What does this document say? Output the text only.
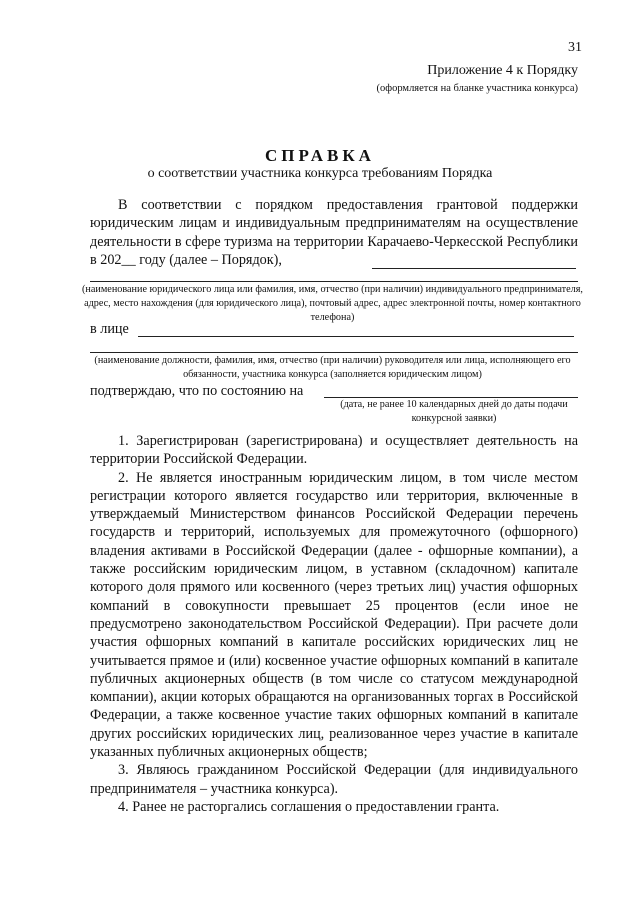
31
Приложение 4 к Порядку
(оформляется на бланке участника конкурса)
СПРАВКА
о соответствии участника конкурса требованиям Порядка
В соответствии с порядком предоставления грантовой поддержки юридическим лицам и индивидуальным предпринимателям на осуществление деятельности в сфере туризма на территории Карачаево-Черкесской Республики в 202__ году (далее – Порядок),
(наименование юридического лица или фамилия, имя, отчество (при наличии) индивидуального предпринимателя, адрес, место нахождения (для юридического лица), почтовый адрес, адрес электронной почты, номер контактного телефона)
в лице
(наименование должности, фамилия, имя, отчество (при наличии) руководителя или лица, исполняющего его обязанности, участника конкурса (заполняется юридическим лицом)
подтверждаю, что по состоянию на
(дата, не ранее 10 календарных дней до даты подачи конкурсной заявки)

1. Зарегистрирован (зарегистрирована) и осуществляет деятельность на территории Российской Федерации.

2. Не является иностранным юридическим лицом, в том числе местом регистрации которого является государство или территория, включенные в утверждаемый Министерством финансов Российской Федерации перечень государств и территорий, используемых для промежуточного (офшорного) владения активами в Российской Федерации (далее - офшорные компании), а также российским юридическим лицом, в уставном (складочном) капитале которого доля прямого или косвенного (через третьих лиц) участия офшорных компаний в совокупности превышает 25 процентов (если иное не предусмотрено законодательством Российской Федерации). При расчете доли участия офшорных компаний в капитале российских юридических лиц не учитывается прямое и (или) косвенное участие офшорных компаний в капитале публичных акционерных обществ (в том числе со статусом международной компании), акции которых обращаются на организованных торгах в Российской Федерации, а также косвенное участие таких офшорных компаний в капитале других российских юридических лиц, реализованное через участие в капитале указанных публичных акционерных обществ;

3. Являюсь гражданином Российской Федерации (для индивидуального предпринимателя – участника конкурса).

4. Ранее не расторгались соглашения о предоставлении гранта.
